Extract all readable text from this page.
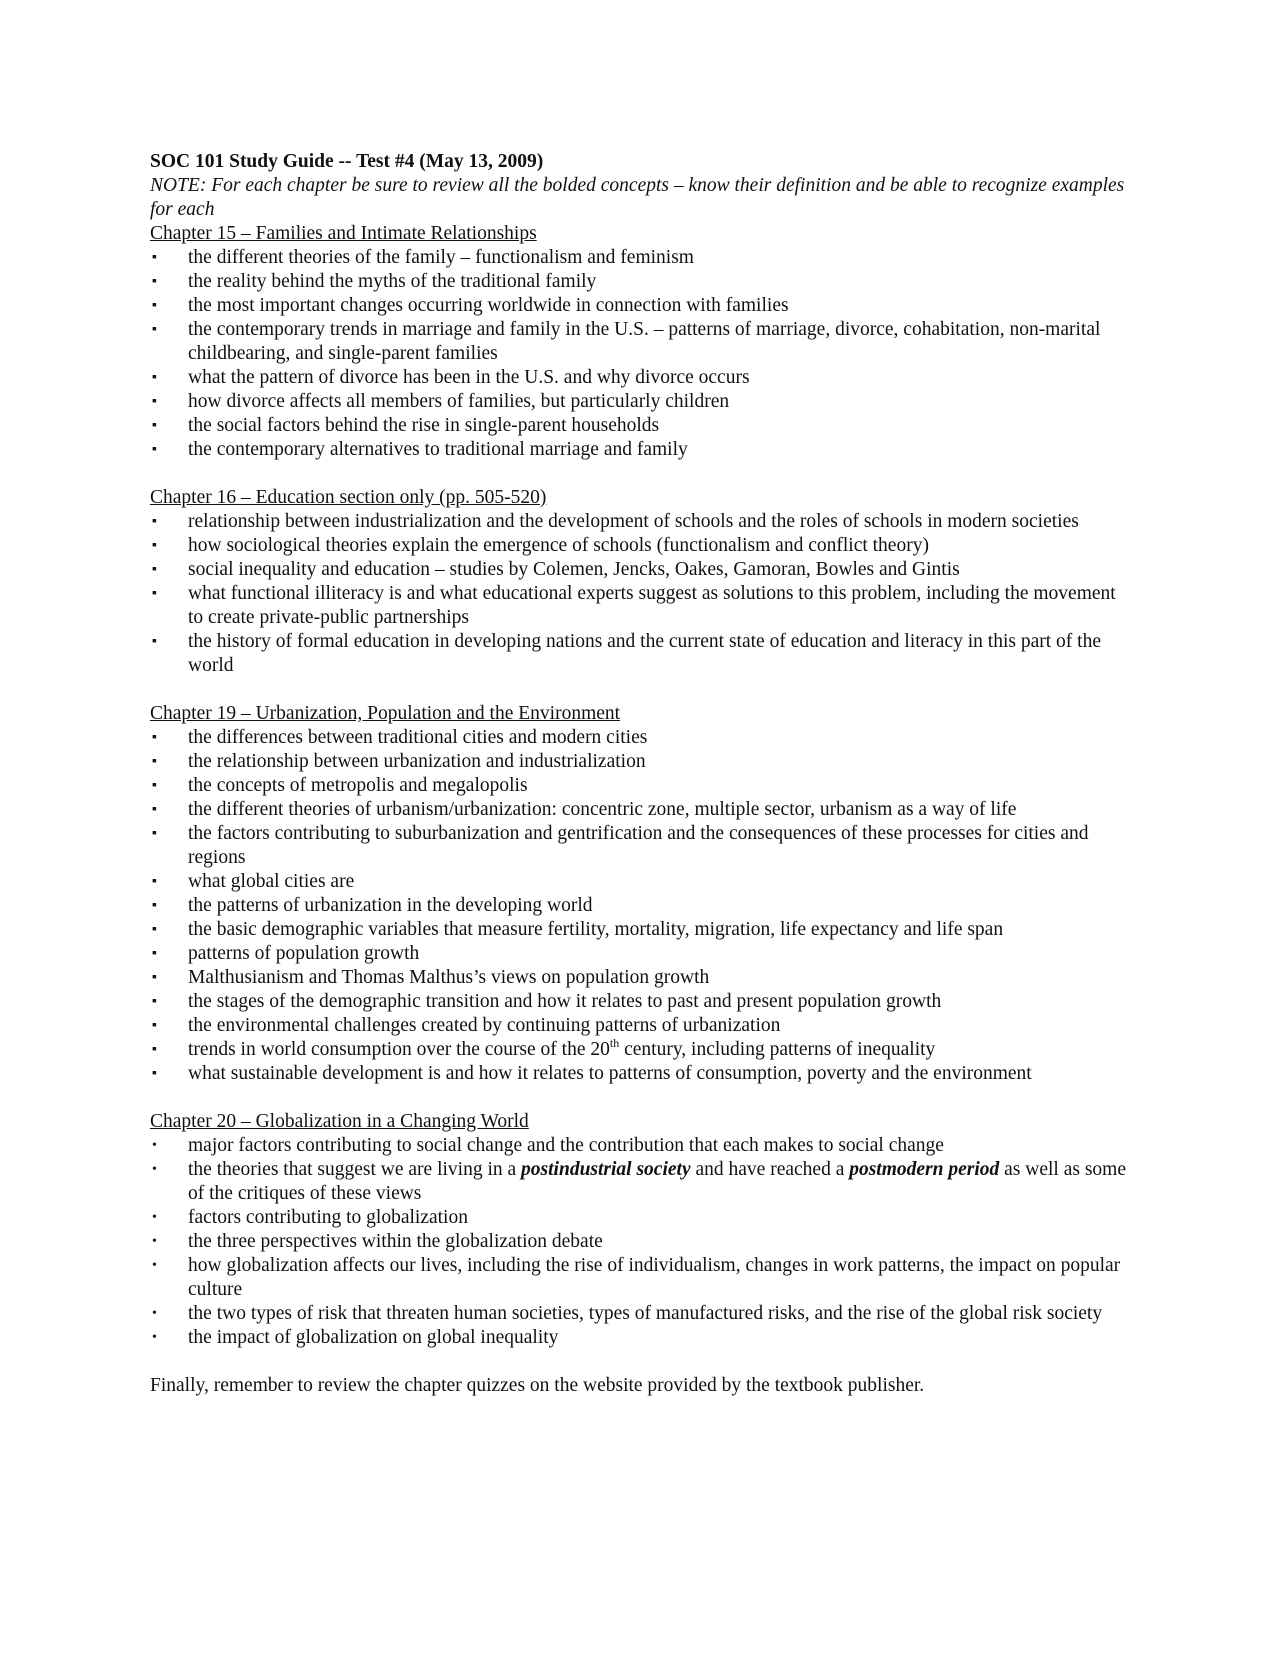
SOC 101 Study Guide -- Test #4 (May 13, 2009)

NOTE: For each chapter be sure to review all the bolded concepts – know their definition and be able to recognize examples for each

Chapter 15 – Families and Intimate Relationships

▪	the different theories of the family – functionalism and feminism
▪	the reality behind the myths of the traditional family
▪	the most important changes occurring worldwide in connection with families
▪	the contemporary trends in marriage and family in the U.S. – patterns of marriage, divorce, cohabitation, non-marital childbearing, and single-parent families
▪	what the pattern of divorce has been in the U.S. and why divorce occurs
▪	how divorce affects all members of families, but particularly children
▪	the social factors behind the rise in single-parent households
▪	the contemporary alternatives to traditional marriage and family

Chapter 16 – Education section only (pp. 505-520)

▪	relationship between industrialization and the development of schools and the roles of schools in modern societies
▪	how sociological theories explain the emergence of schools (functionalism and conflict theory)
▪	social inequality and education – studies by Colemen, Jencks, Oakes, Gamoran, Bowles and Gintis
▪	what functional illiteracy is and what educational experts suggest as solutions to this problem, including the movement to create private-public partnerships
▪	the history of formal education in developing nations and the current state of education and literacy in this part of the world

Chapter 19 – Urbanization, Population and the Environment

▪	the differences between traditional cities and modern cities
▪	the relationship between urbanization and industrialization
▪	the concepts of metropolis and megalopolis
▪	the different theories of urbanism/urbanization: concentric zone, multiple sector, urbanism as a way of life
▪	the factors contributing to suburbanization and gentrification and the consequences of these processes for cities and regions
▪	what global cities are
▪	the patterns of urbanization in the developing world
▪	the basic demographic variables that measure fertility, mortality, migration, life expectancy and life span
▪	patterns of population growth
▪	Malthusianism and Thomas Malthus’s views on population growth
▪	the stages of the demographic transition and how it relates to past and present population growth
▪	the environmental challenges created by continuing patterns of urbanization
▪	trends in world consumption over the course of the 20th century, including patterns of inequality
▪	what sustainable development is and how it relates to patterns of consumption, poverty and the environment

Chapter 20 – Globalization in a Changing World

•	major factors contributing to social change and the contribution that each makes to social change
•	the theories that suggest we are living in a postindustrial society and have reached a postmodern period as well as some of the critiques of these views
•	factors contributing to globalization
•	the three perspectives within the globalization debate
•	how globalization affects our lives, including the rise of individualism, changes in work patterns, the impact on popular culture
•	the two types of risk that threaten human societies, types of manufactured risks, and the rise of the global risk society
•	the impact of globalization on global inequality

Finally, remember to review the chapter quizzes on the website provided by the textbook publisher.
